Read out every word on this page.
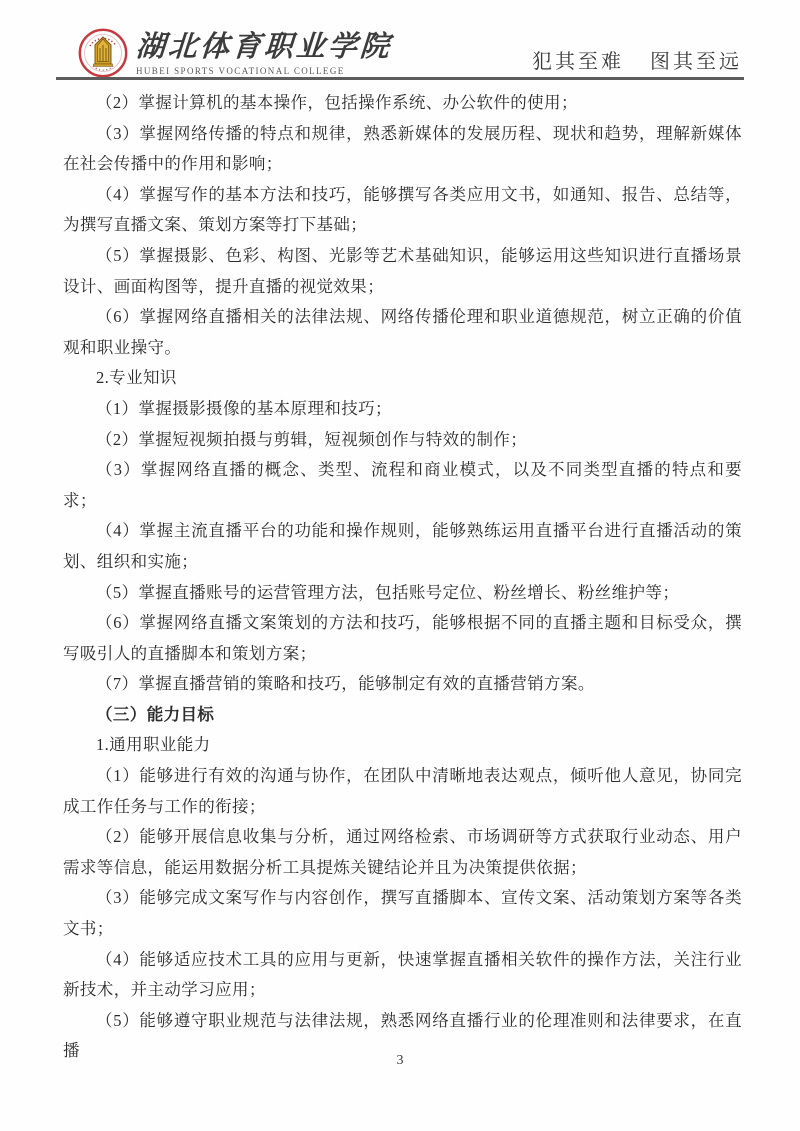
湖北体育职业学院
HUBEI SPORTS VOCATIONAL COLLEGE	犯其至难 图其至远

（2）掌握计算机的基本操作，包括操作系统、办公软件的使用；

（3）掌握网络传播的特点和规律，熟悉新媒体的发展历程、现状和趋势，理解新媒体在社会传播中的作用和影响；

（4）掌握写作的基本方法和技巧，能够撰写各类应用文书，如通知、报告、总结等，为撰写直播文案、策划方案等打下基础；

（5）掌握摄影、色彩、构图、光影等艺术基础知识，能够运用这些知识进行直播场景设计、画面构图等，提升直播的视觉效果；

（6）掌握网络直播相关的法律法规、网络传播伦理和职业道德规范，树立正确的价值观和职业操守。

2.专业知识

（1）掌握摄影摄像的基本原理和技巧；

（2）掌握短视频拍摄与剪辑，短视频创作与特效的制作；

（3）掌握网络直播的概念、类型、流程和商业模式，以及不同类型直播的特点和要求；

（4）掌握主流直播平台的功能和操作规则，能够熟练运用直播平台进行直播活动的策划、组织和实施；

（5）掌握直播账号的运营管理方法，包括账号定位、粉丝增长、粉丝维护等；

（6）掌握网络直播文案策划的方法和技巧，能够根据不同的直播主题和目标受众，撰写吸引人的直播脚本和策划方案；

（7）掌握直播营销的策略和技巧，能够制定有效的直播营销方案。

（三）能力目标

1.通用职业能力

（1）能够进行有效的沟通与协作，在团队中清晰地表达观点，倾听他人意见，协同完成工作任务与工作的衔接；

（2）能够开展信息收集与分析，通过网络检索、市场调研等方式获取行业动态、用户需求等信息，能运用数据分析工具提炼关键结论并且为决策提供依据；

（3）能够完成文案写作与内容创作，撰写直播脚本、宣传文案、活动策划方案等各类文书；

（4）能够适应技术工具的应用与更新，快速掌握直播相关软件的操作方法，关注行业新技术，并主动学习应用；

（5）能够遵守职业规范与法律法规，熟悉网络直播行业的伦理准则和法律要求，在直播

3
